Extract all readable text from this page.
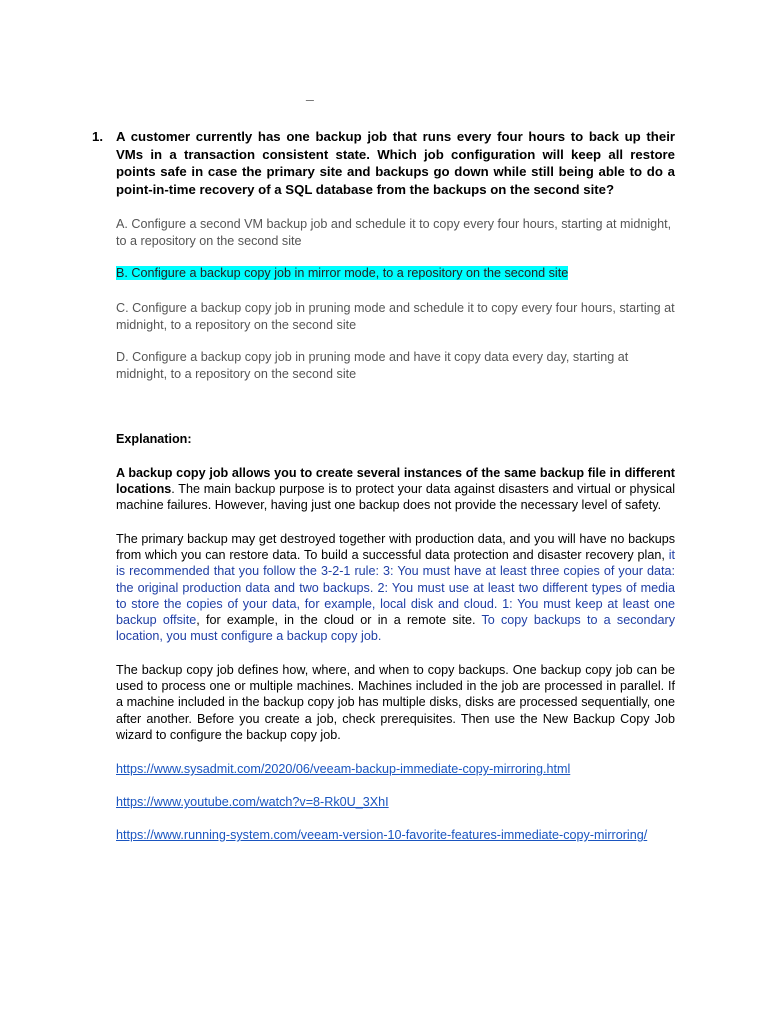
_
1. A customer currently has one backup job that runs every four hours to back up their VMs in a transaction consistent state. Which job configuration will keep all restore points safe in case the primary site and backups go down while still being able to do a point-in-time recovery of a SQL database from the backups on the second site?
A. Configure a second VM backup job and schedule it to copy every four hours, starting at midnight, to a repository on the second site
B. Configure a backup copy job in mirror mode, to a repository on the second site
C. Configure a backup copy job in pruning mode and schedule it to copy every four hours, starting at midnight, to a repository on the second site
D. Configure a backup copy job in pruning mode and have it copy data every day, starting at midnight, to a repository on the second site
Explanation:
A backup copy job allows you to create several instances of the same backup file in different locations. The main backup purpose is to protect your data against disasters and virtual or physical machine failures. However, having just one backup does not provide the necessary level of safety.
The primary backup may get destroyed together with production data, and you will have no backups from which you can restore data. To build a successful data protection and disaster recovery plan, it is recommended that you follow the 3-2-1 rule: 3: You must have at least three copies of your data: the original production data and two backups. 2: You must use at least two different types of media to store the copies of your data, for example, local disk and cloud. 1: You must keep at least one backup offsite, for example, in the cloud or in a remote site. To copy backups to a secondary location, you must configure a backup copy job.
The backup copy job defines how, where, and when to copy backups. One backup copy job can be used to process one or multiple machines. Machines included in the job are processed in parallel. If a machine included in the backup copy job has multiple disks, disks are processed sequentially, one after another. Before you create a job, check prerequisites. Then use the New Backup Copy Job wizard to configure the backup copy job.
https://www.sysadmit.com/2020/06/veeam-backup-immediate-copy-mirroring.html
https://www.youtube.com/watch?v=8-Rk0U_3XhI
https://www.running-system.com/veeam-version-10-favorite-features-immediate-copy-mirroring/
